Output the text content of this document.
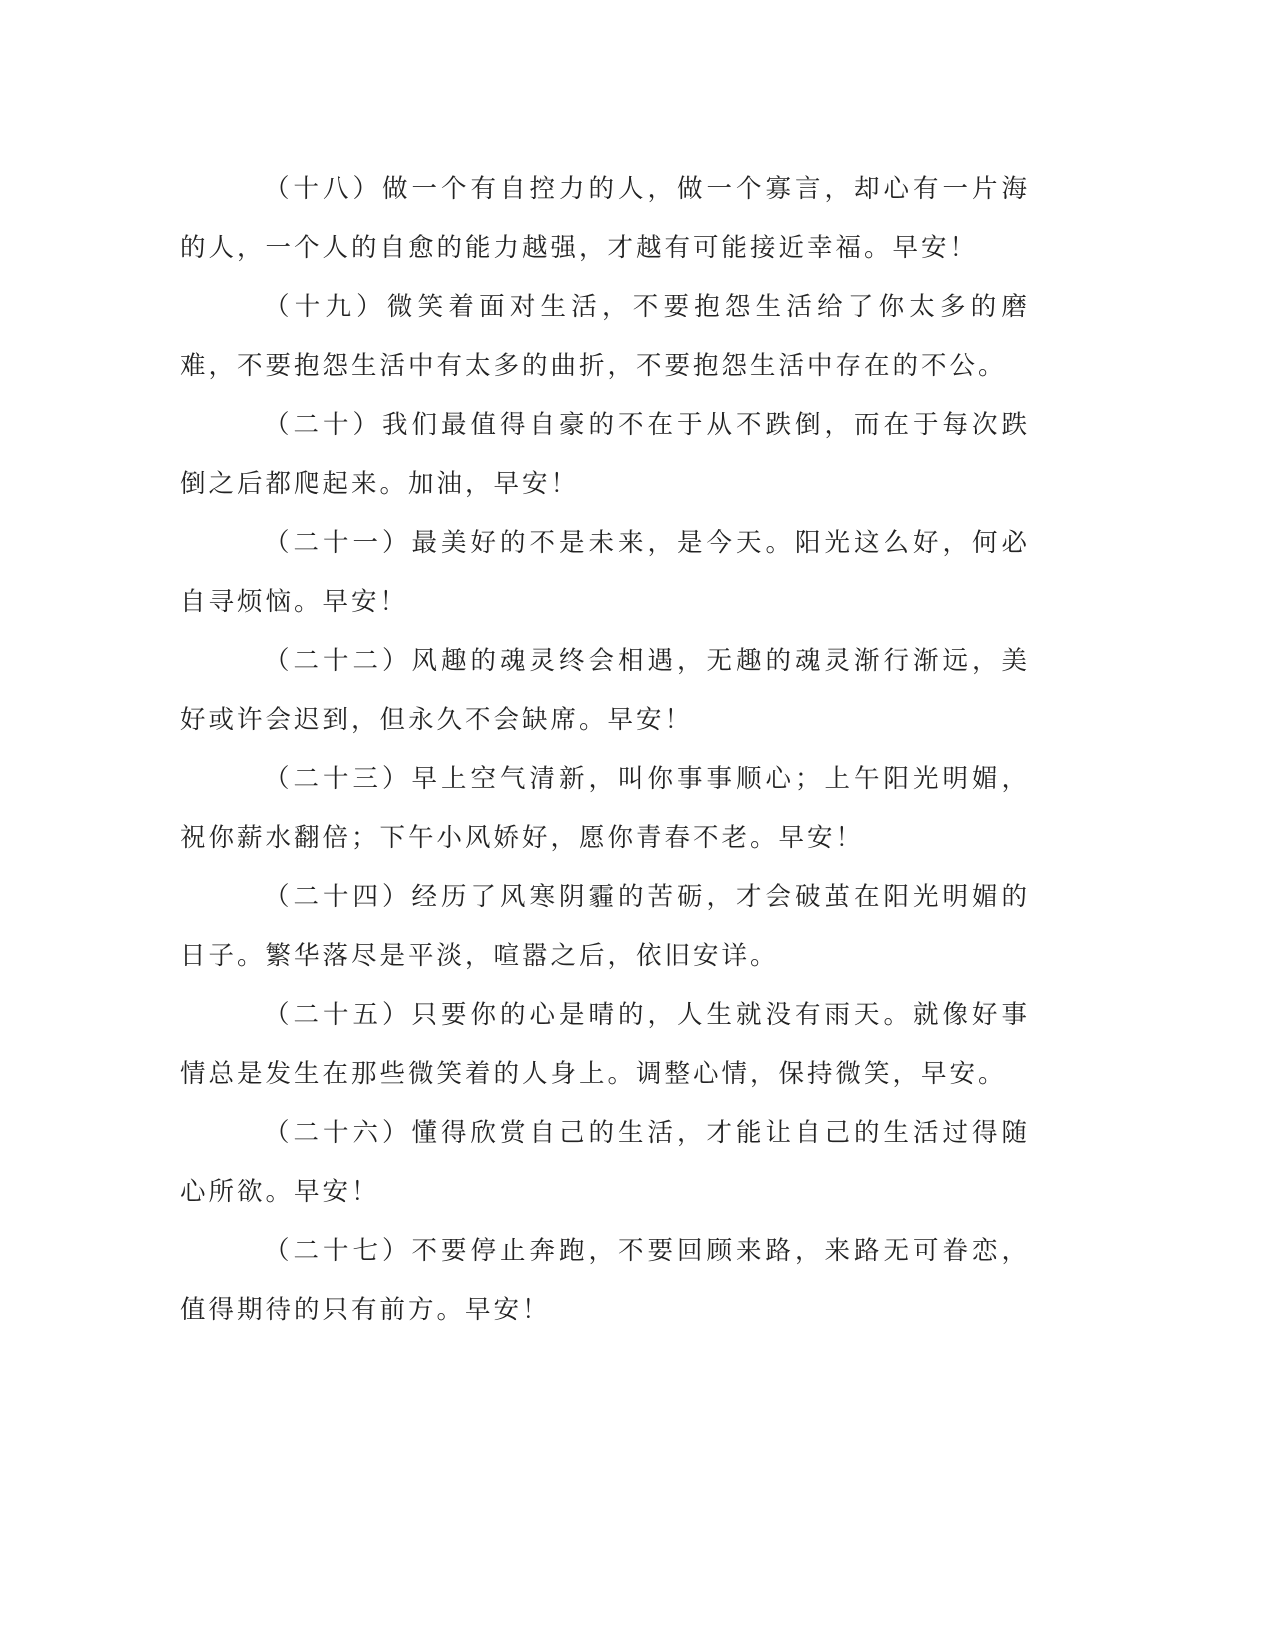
（十八）做一个有自控力的人，做一个寡言，却心有一片海的人，一个人的自愈的能力越强，才越有可能接近幸福。早安！

（十九）微笑着面对生活，不要抱怨生活给了你太多的磨难，不要抱怨生活中有太多的曲折，不要抱怨生活中存在的不公。

（二十）我们最值得自豪的不在于从不跌倒，而在于每次跌倒之后都爬起来。加油，早安！

（二十一）最美好的不是未来，是今天。阳光这么好，何必自寻烦恼。早安！

（二十二）风趣的魂灵终会相遇，无趣的魂灵渐行渐远，美好或许会迟到，但永久不会缺席。早安！

（二十三）早上空气清新，叫你事事顺心；上午阳光明媚，祝你薪水翻倍；下午小风娇好，愿你青春不老。早安！

（二十四）经历了风寒阴霾的苦砺，才会破茧在阳光明媚的日子。繁华落尽是平淡，喧嚣之后，依旧安详。

（二十五）只要你的心是晴的，人生就没有雨天。就像好事情总是发生在那些微笑着的人身上。调整心情，保持微笑，早安。

（二十六）懂得欣赏自己的生活，才能让自己的生活过得随心所欲。早安！

（二十七）不要停止奔跑，不要回顾来路，来路无可眷恋，值得期待的只有前方。早安！
